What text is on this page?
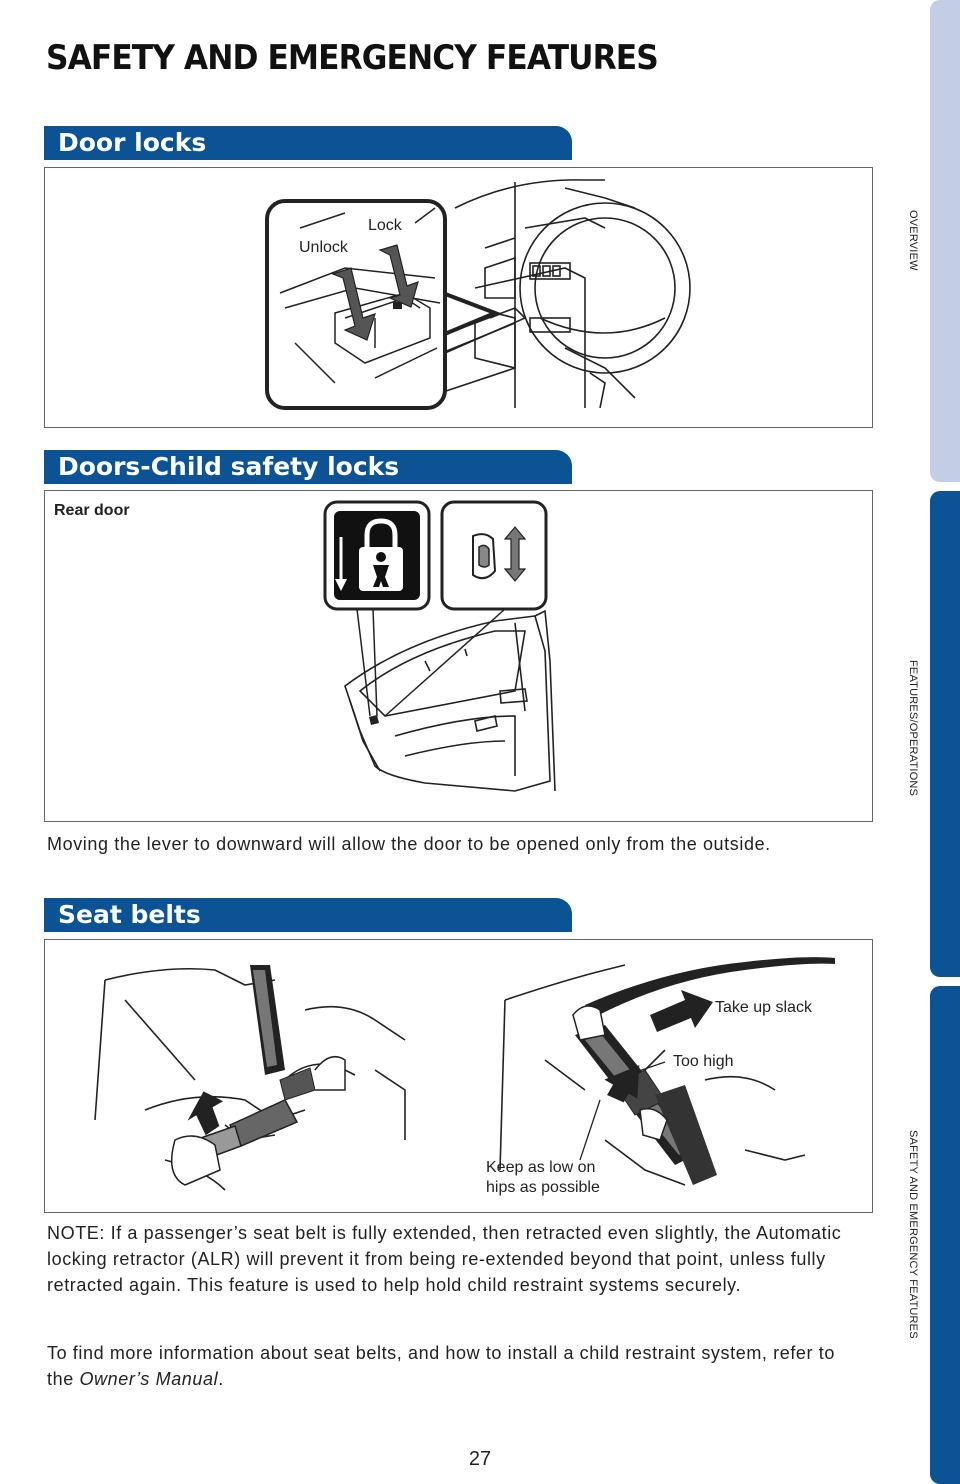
SAFETY AND EMERGENCY FEATURES
Door locks
Lock
Unlock
Doors-Child safety locks
Rear door

Moving the lever to downward will allow the door to be opened only from the outside.

Seat belts
Take up slack
Too high
Keep as low on
hips as possible

NOTE: If a passenger’s seat belt is fully extended, then retracted even slightly, the Automatic locking retractor (ALR) will prevent it from being re-extended beyond that point, unless fully retracted again. This feature is used to help hold child restraint systems securely.

To find more information about seat belts, and how to install a child restraint system, refer to the Owner’s Manual.

OVERVIEW
FEATURES/OPERATIONS
SAFETY AND EMERGENCY FEATURES
27
